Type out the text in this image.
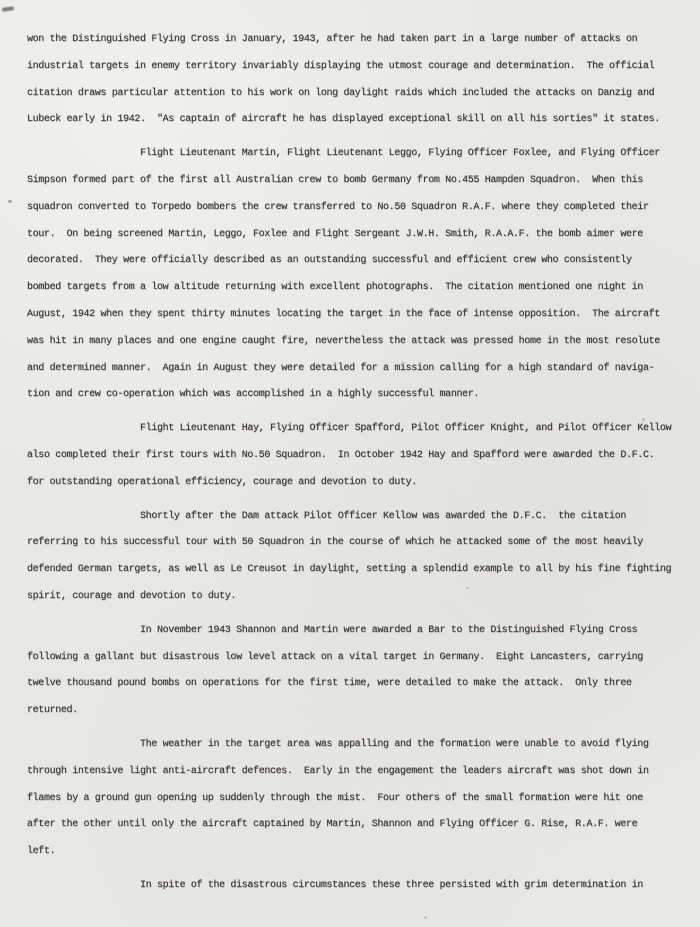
won the Distinguished Flying Cross in January, 1943, after he had taken part in a large number of attacks on
industrial targets in enemy territory invariably displaying the utmost courage and determination.  The official
citation draws particular attention to his work on long daylight raids which included the attacks on Danzig and
Lubeck early in 1942.  "As captain of aircraft he has displayed exceptional skill on all his sorties" it states.
Flight Lieutenant Martin, Flight Lieutenant Leggo, Flying Officer Foxlee, and Flying Officer
Simpson formed part of the first all Australian crew to bomb Germany from No.455 Hampden Squadron.  When this
squadron converted to Torpedo bombers the crew transferred to No.50 Squadron R.A.F. where they completed their
tour.  On being screened Martin, Leggo, Foxlee and Flight Sergeant J.W.H. Smith, R.A.A.F. the bomb aimer were
decorated.  They were officially described as an outstanding successful and efficient crew who consistently
bombed targets from a low altitude returning with excellent photographs.  The citation mentioned one night in
August, 1942 when they spent thirty minutes locating the target in the face of intense opposition.  The aircraft
was hit in many places and one engine caught fire, nevertheless the attack was pressed home in the most resolute
and determined manner.  Again in August they were detailed for a mission calling for a high standard of naviga-
tion and crew co-operation which was accomplished in a highly successful manner.
Flight Lieutenant Hay, Flying Officer Spafford, Pilot Officer Knight, and Pilot Officer Kellow
also completed their first tours with No.50 Squadron.  In October 1942 Hay and Spafford were awarded the D.F.C.
for outstanding operational efficiency, courage and devotion to duty.
Shortly after the Dam attack Pilot Officer Kellow was awarded the D.F.C.  the citation
referring to his successful tour with 50 Squadron in the course of which he attacked some of the most heavily
defended German targets, as well as Le Creusot in daylight, setting a splendid example to all by his fine fighting
spirit, courage and devotion to duty.
In November 1943 Shannon and Martin were awarded a Bar to the Distinguished Flying Cross
following a gallant but disastrous low level attack on a vital target in Germany.  Eight Lancasters, carrying
twelve thousand pound bombs on operations for the first time, were detailed to make the attack.  Only three
returned.
The weather in the target area was appalling and the formation were unable to avoid flying
through intensive light anti-aircraft defences.  Early in the engagement the leaders aircraft was shot down in
flames by a ground gun opening up suddenly through the mist.  Four others of the small formation were hit one
after the other until only the aircraft captained by Martin, Shannon and Flying Officer G. Rise, R.A.F. were
left.
In spite of the disastrous circumstances these three persisted with grim determination in
